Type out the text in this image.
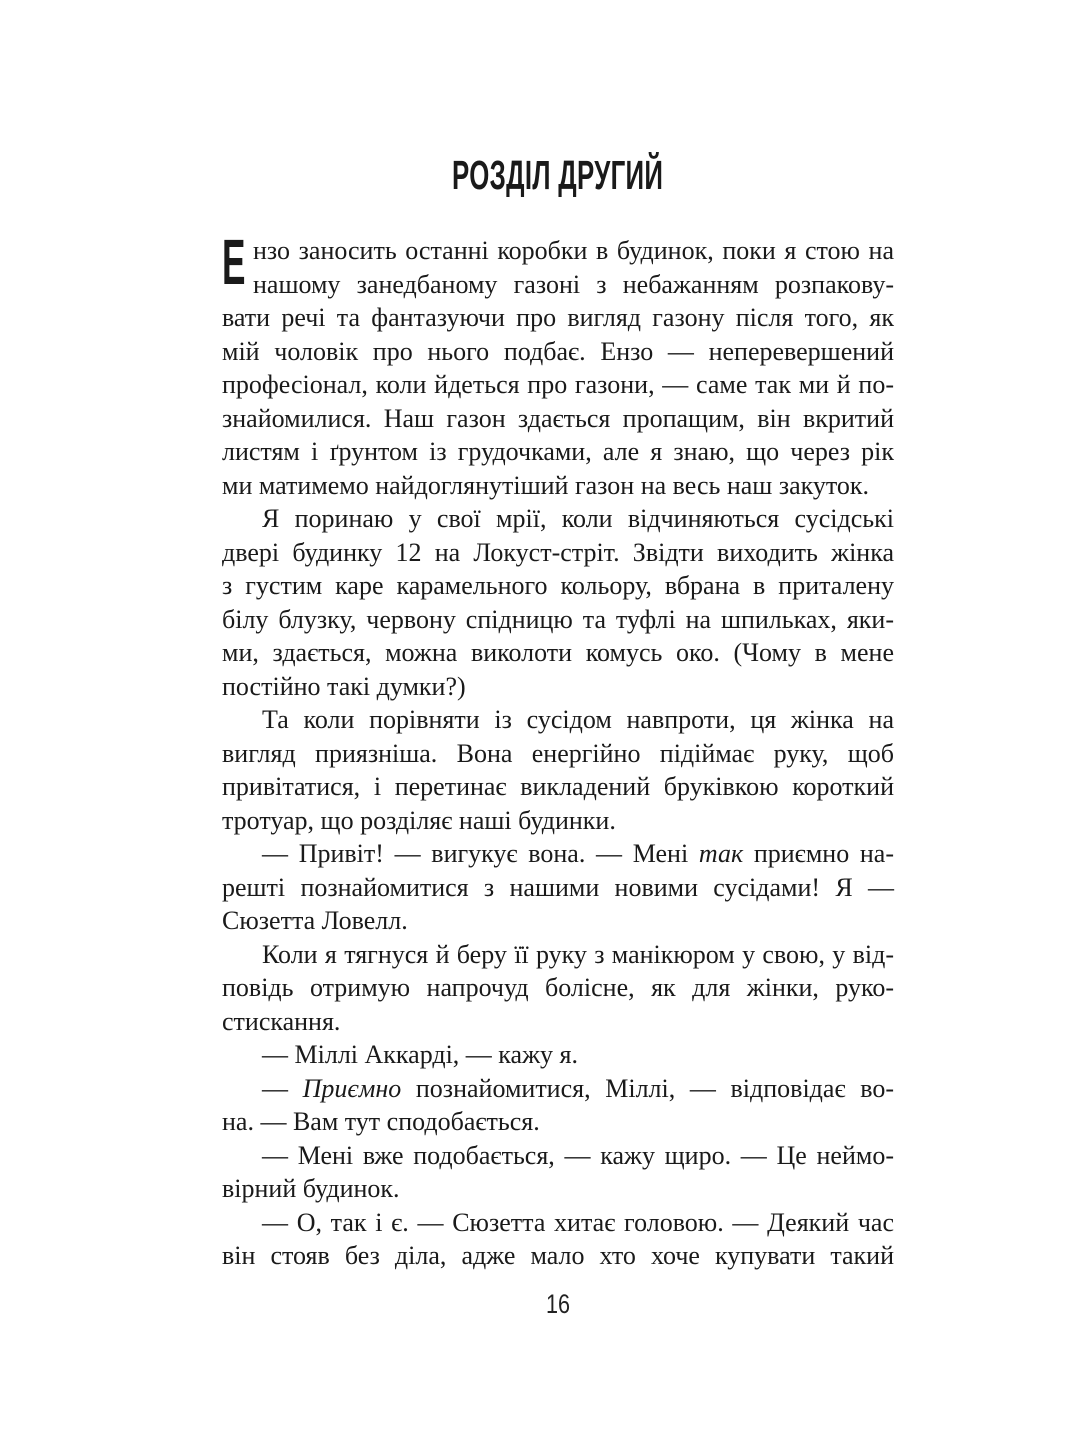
РОЗДІЛ ДРУГИЙ
Е нзо заносить останні коробки в будинок, поки я стою на
нашому занедбаному газоні з небажанням розпакову-
вати речі та фантазуючи про вигляд газону після того, як
мій чоловік про нього подбає. Ензо — неперевершений
професіонал, коли йдеться про газони, — саме так ми й по-
знайомилися. Наш газон здається пропащим, він вкритий
листям і ґрунтом із грудочками, але я знаю, що через рік
ми матимемо найдоглянутіший газон на весь наш закуток.
Я поринаю у свої мрії, коли відчиняються сусідські
двері будинку 12 на Локуст-стріт. Звідти виходить жінка
з густим каре карамельного кольору, вбрана в приталену
білу блузку, червону спідницю та туфлі на шпильках, яки-
ми, здається, можна виколоти комусь око. (Чому в мене
постійно такі думки?)
Та коли порівняти із сусідом навпроти, ця жінка на
вигляд приязніша. Вона енергійно підіймає руку, щоб
привітатися, і перетинає викладений бруківкою короткий
тротуар, що розділяє наші будинки.
— Привіт! — вигукує вона. — Мені так приємно на-
решті познайомитися з нашими новими сусідами! Я —
Сюзетта Ловелл.
Коли я тягнуся й беру її руку з манікюром у свою, у від-
повідь отримую напрочуд болісне, як для жінки, руко-
стискання.
— Міллі Аккарді, — кажу я.
— Приємно познайомитися, Міллі, — відповідає во-
на. — Вам тут сподобається.
— Мені вже подобається, — кажу щиро. — Це неймо-
вірний будинок.
— О, так і є. — Сюзетта хитає головою. — Деякий час
він стояв без діла, адже мало хто хоче купувати такий
16
